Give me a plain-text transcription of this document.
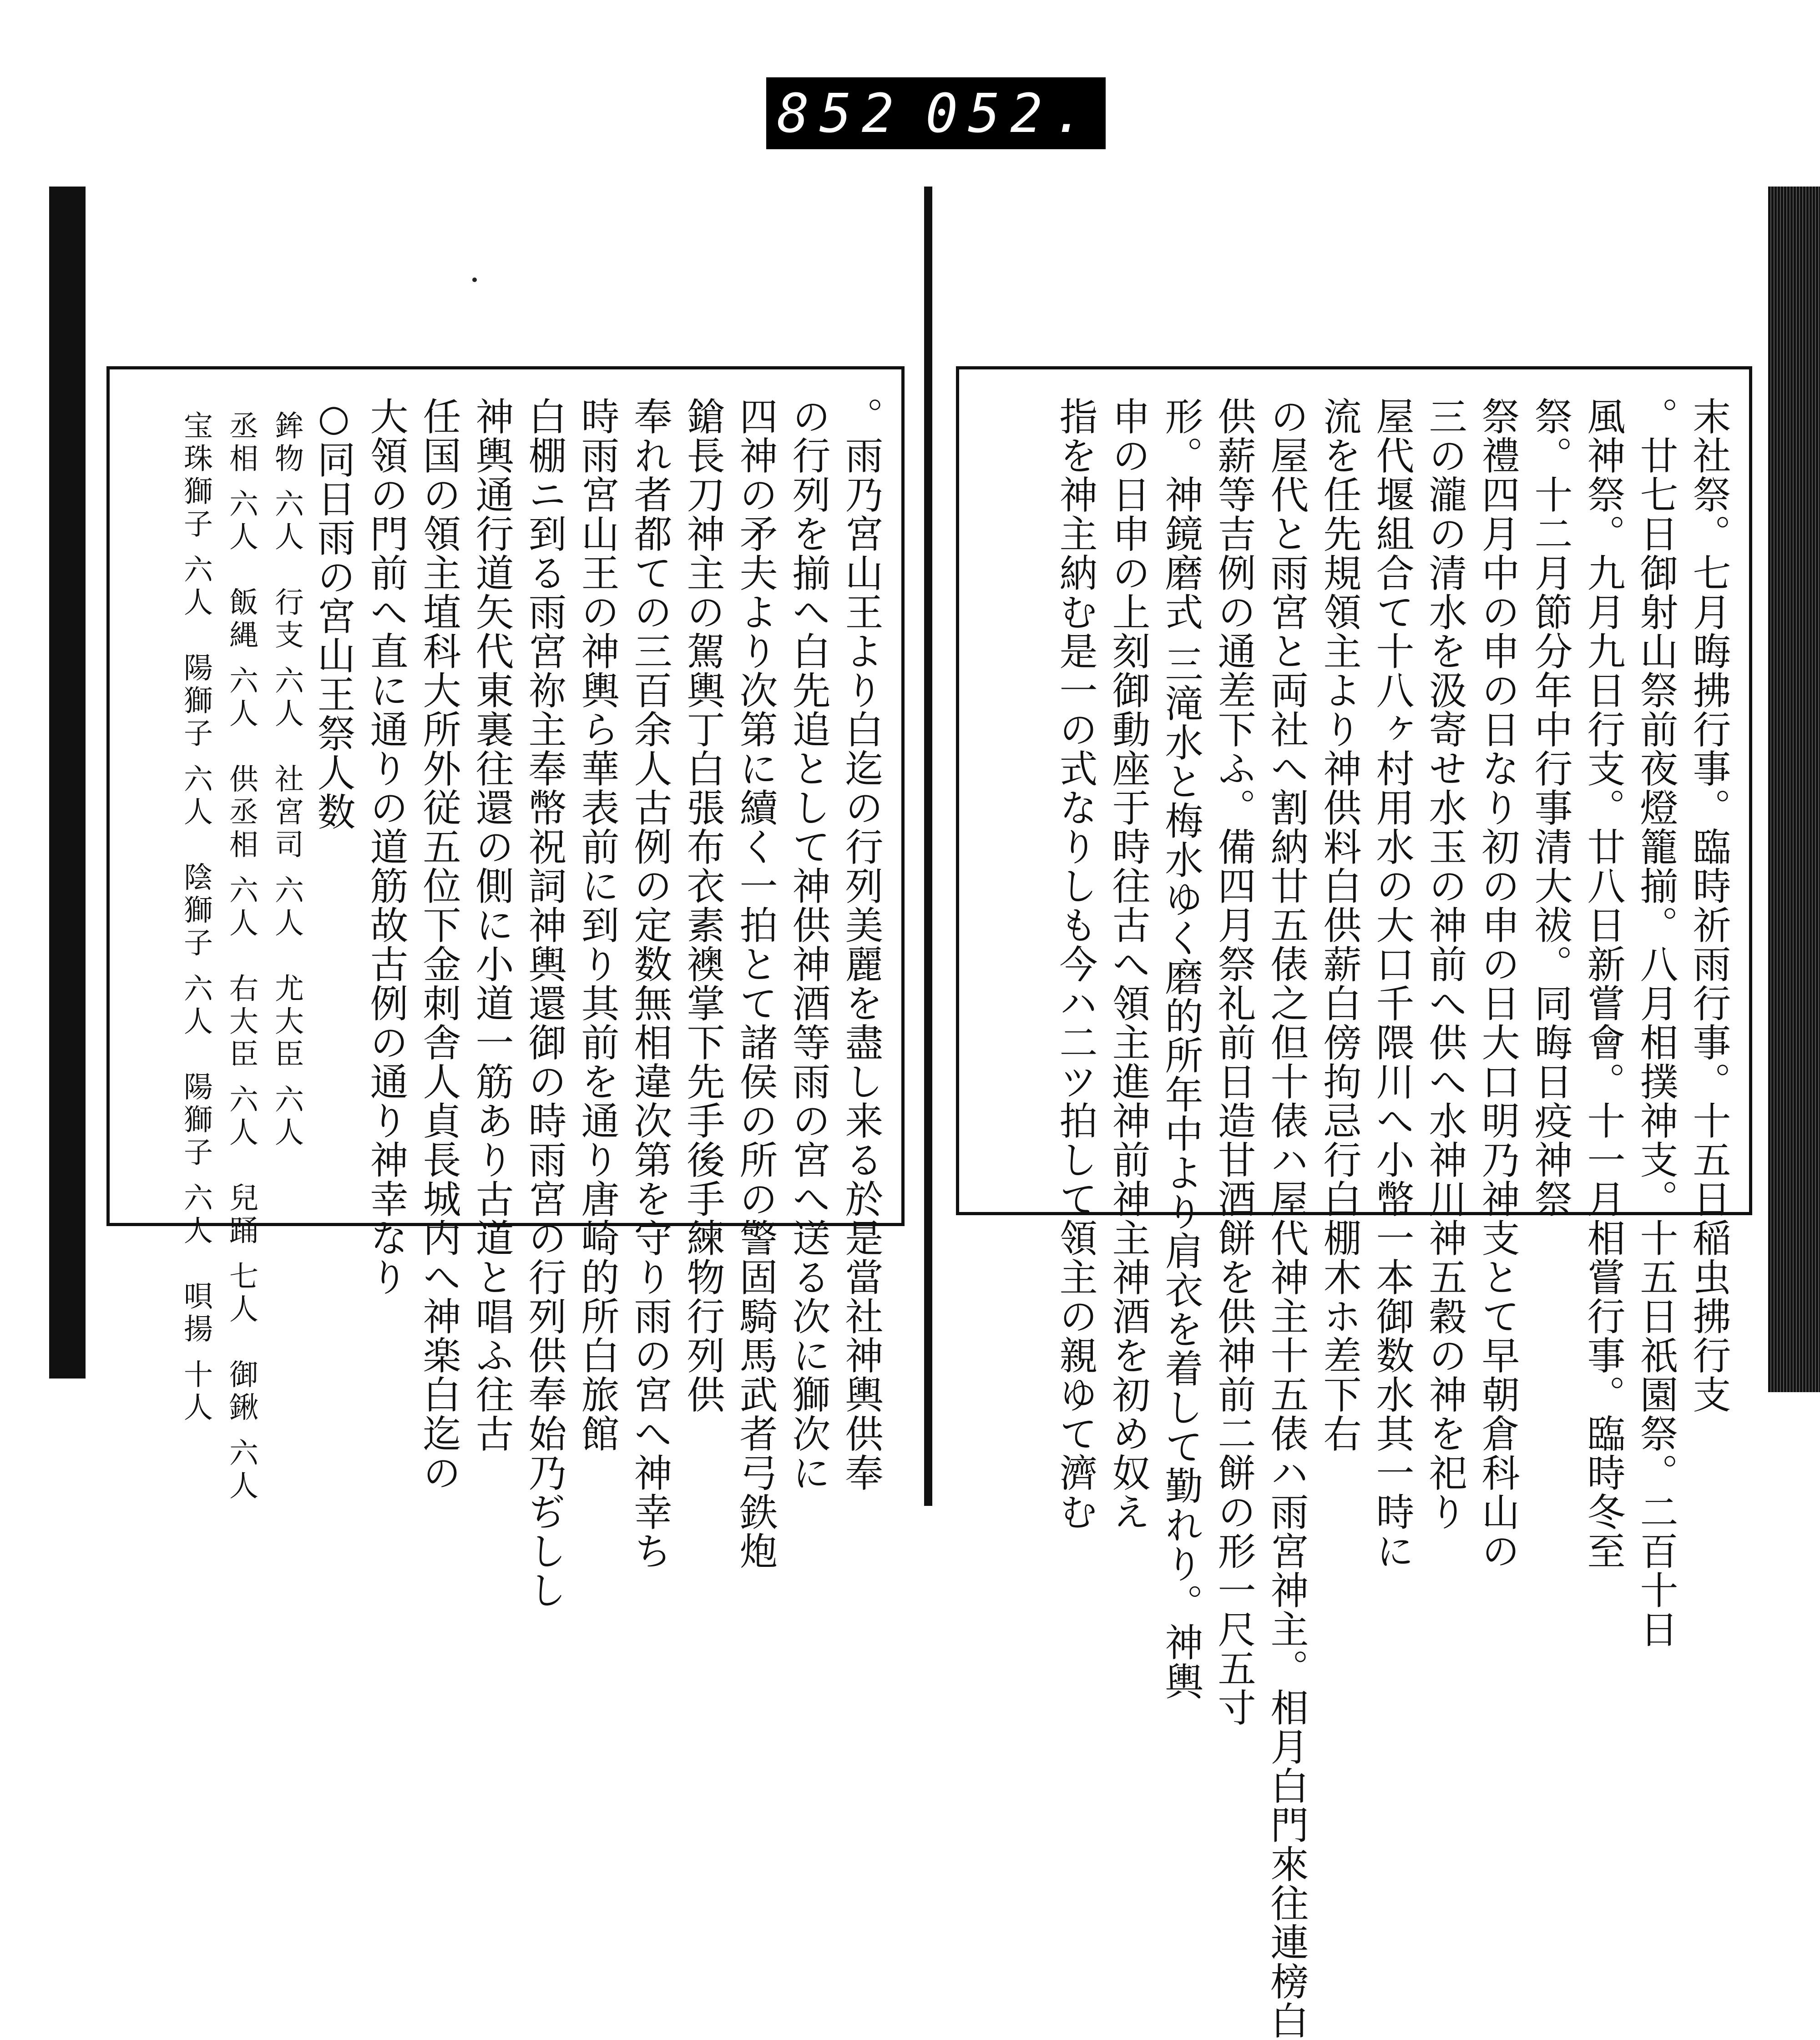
852 052.
。雨乃宮山王より白迄の行列美麗を盡し来る於是當社神輿供奉
の行列を揃へ白先追として神供神酒等雨の宮へ送る次に獅次に
四神の矛夫より次第に續く一拍とて諸侯の所の警固騎馬武者弓鉄炮
鎗長刀神主の駕輿丁白張布衣素襖掌下先手後手練物行列供
奉れ者都ての三百余人古例の定数無相違次第を守り雨の宮へ神幸ち
時雨宮山王の神輿ら華表前に到り其前を通り唐崎的所白旅館
白棚ニ到る雨宮祢主奉幣祝詞神輿還御の時雨宮の行列供奉始乃ぢしし
神輿通行道矢代東裏往還の側に小道一筋あり古道と唱ふ往古
任国の領主埴科大所外従五位下金刺舎人貞長城内へ神楽白迄の
大領の門前へ直に通りの道筋故古例の通り神幸なり
○同日雨の宮山王祭人数
鉾物 六人　行支 六人　社宮司 六人　尤大臣 六人
丞相 六人　飯縄 六人　供丞相 六人　右大臣 六人　兒踊 七人　御鍬 六人
宝珠獅子 六人　陽獅子 六人　陰獅子 六人　陽獅子 六人　唄揚 十人	末社祭。七月晦拂行事。臨時祈雨行事。十五日稲虫拂行支
。廿七日御射山祭前夜燈籠揃。八月相撲神支。十五日祇園祭。二百十日
風神祭。九月九日行支。廿八日新嘗會。十一月相嘗行事。臨時冬至
祭。十二月節分年中行事清大祓。同晦日疫神祭
祭禮四月中の申の日なり初の申の日大口明乃神支とて早朝倉科山の
三の瀧の清水を汲寄せ水玉の神前へ供へ水神川神五穀の神を祀り
屋代堰組合て十八ヶ村用水の大口千隈川へ小幣一本御数水其一時に
流を任先規領主より神供料白供薪白傍拘忌行白棚木ホ差下右
の屋代と雨宮と両社へ割納廿五俵之但十俵ハ屋代神主十五俵ハ雨宮神主。相月白門來往連榜白
供薪等吉例の通差下ふ。備四月祭礼前日造甘酒餅を供神前二餅の形一尺五寸
形。神鏡磨式 三滝水と梅水ゆく磨的所年中より肩衣を着して勤れり。神輿
申の日申の上刻御動座于時往古へ領主進神前神主神酒を初め奴え
指を神主納む是一の式なりしも今ハ二ツ拍して領主の親ゆて濟む
